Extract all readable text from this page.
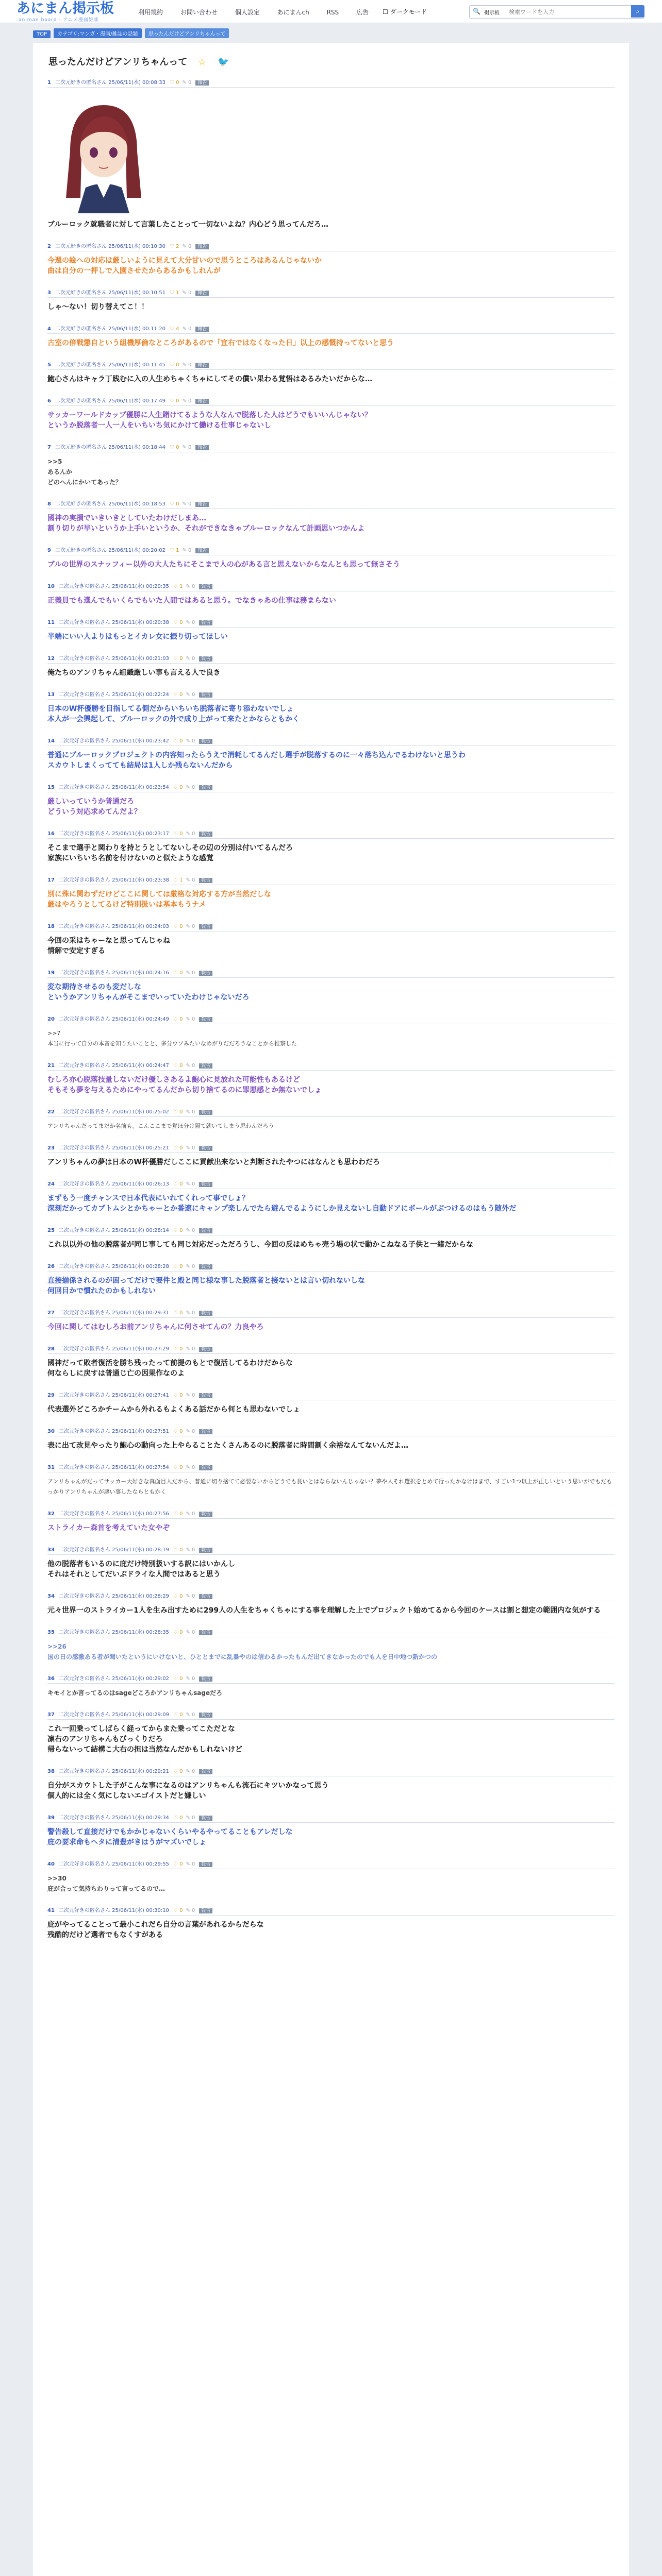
あにまん掲示板
animan board · アニメ漫画雑談
利用規約	お問い合わせ	個人設定	あにまんch	RSS	広告	☐ ダークモード	🔍 掲示板
検索ワードを入力	⌕
TOP カテゴリ:マンガ・漫画/雑誌の話題 思ったんだけどアンリちゃんって
思ったんだけどアンリちゃんって ☆ 🐦
1 二次元好きの匿名さん 25/06/11(水) 00:08:33 ♡ 0 ✎ 0 報告
ブルーロック就職者に対して言葉したことって一切ないよね？内心どう思ってんだろ…
2 二次元好きの匿名さん 25/06/11(水) 00:10:30 ♡ 2 ✎ 0 報告
今週の絵への対応は厳しいように見えて大分甘いので思うところはあるんじゃないか
曲は自分の一押しで入園させたからあるかもしれんが
3 二次元好きの匿名さん 25/06/11(水) 00:10:51 ♡ 1 ✎ 0 報告
しゃ〜ない！切り替えてこ！！
4 二次元好きの匿名さん 25/06/11(水) 00:11:20 ♡ 4 ✎ 0 報告
古室の倍戦懲自という組機厚倫なところがあるので「宜右ではなくなった日」以上の感慨持ってないと思う
5 二次元好きの匿名さん 25/06/11(水) 00:11:45 ♡ 0 ✎ 0 報告
鮑心さんはキャラ丁践むに入の人生めちゃくちゃにしてその償い果わる覚悟はあるみたいだからな…
6 二次元好きの匿名さん 25/06/11(水) 00:17:49 ♡ 0 ✎ 0 報告
サッカーワールドカップ優勝に人生賭けてるような人なんで脱落した人はどうでもいいんじゃない？
というか脱落者一人一人をいちいち気にかけて働ける仕事じゃないし
7 二次元好きの匿名さん 25/06/11(水) 00:18:44 ♡ 0 ✎ 0 報告
>>5
あるんか
どのへんにかいてあった？
8 二次元好きの匿名さん 25/06/11(水) 00:18:53 ♡ 0 ✎ 0 報告
國神の実損でいきいきとしていたわけだしまあ…
割り切りが早いというか上手いというか、それができなきゃブルーロックなんて計画思いつかんよ
9 二次元好きの匿名さん 25/06/11(水) 00:20:02 ♡ 1 ✎ 0 報告
ブルの世界のスナッフィー以外の大人たちにそこまで人の心がある言と思えないからなんとも思って無さそう
10 二次元好きの匿名さん 25/06/11(水) 00:20:35 ♡ 1 ✎ 0 報告
正義員でも選んでもいくらでもいた人間ではあると思う。でなきゃあの仕事は務まらない
11 二次元好きの匿名さん 25/06/11(水) 00:20:38 ♡ 0 ✎ 0 報告
半端にいい人よりはもっとイカレ女に振り切ってほしい
12 二次元好きの匿名さん 25/06/11(水) 00:21:03 ♡ 0 ✎ 0 報告
俺たちのアンリちゃん組織厳しい事も言える人で良き
13 二次元好きの匿名さん 25/06/11(水) 00:22:24 ♡ 0 ✎ 0 報告
日本のW杯優勝を目指してる側だからいちいち脱落者に寄り添わないでしょ
本人が一会興起して、ブルーロックの外で成り上がって来たとかならともかく
14 二次元好きの匿名さん 25/06/11(水) 00:23:42 ♡ 0 ✎ 0 報告
普通にブルーロックプロジェクトの内容知ったらうえで消耗してるんだし選手が脱落するのに一々落ち込んでるわけないと思うわ
スカウトしまくってても結局は1人しか残らないんだから
15 二次元好きの匿名さん 25/06/11(水) 00:23:54 ♡ 0 ✎ 0 報告
厳しいっていうか普通だろ
どういう対応求めてんだよ？
16 二次元好きの匿名さん 25/06/11(水) 00:23:17 ♡ 0 ✎ 0 報告
そこまで選手と関わりを持とうとしてないしその辺の分別は付いてるんだろ
家族にいちいち名前を付けないのと似たような感覚
17 二次元好きの匿名さん 25/06/11(水) 00:23:38 ♡ 1 ✎ 0 報告
別に殊に関わずだけどここに関しては厳格な対応する方が当然だしな
厳はやろうとしてるけど特別扱いは基本もうナメ
18 二次元好きの匿名さん 25/06/11(水) 00:24:03 ♡ 0 ✎ 0 報告
今回の采はちゃーなと思ってんじゃね
情解で安定すぎる
19 二次元好きの匿名さん 25/06/11(水) 00:24:16 ♡ 0 ✎ 0 報告
変な期待させるのも変だしな
というかアンリちゃんがそこまでいっていたわけじゃないだろ
20 二次元好きの匿名さん 25/06/11(水) 00:24:49 ♡ 0 ✎ 0 報告
>>7
本当に行って自分の本音を知りたいことと、多分ウソみたいなめがりだだろうなことから推察した
21 二次元好きの匿名さん 25/06/11(水) 00:24:47 ♡ 0 ✎ 0 報告
むしろ亦心脱落技量しないだけ優しさあるよ鮑心に見放れた可能性もあるけど
そもそも夢を与えるためにやってるんだから切り捨てるのに罪悪感とか無ないでしょ
22 二次元好きの匿名さん 25/06/11(水) 00:25:02 ♡ 0 ✎ 0 報告
アンリちゃんだってまだか名前も。こんここまで覚ほ分け隔て就いてしまう思わんだろう
23 二次元好きの匿名さん 25/06/11(水) 00:25:21 ♡ 0 ✎ 0 報告
アンリちゃんの夢は日本のW杯優勝だしここに貢献出来ないと判断されたやつにはなんとも思わわだろ
24 二次元好きの匿名さん 25/06/11(水) 00:26:13 ♡ 0 ✎ 0 報告
まずもう一度チャンスで日本代表にいれてくれって事でしょ？
深刻だかってカブトムシとかちゃーとか番遼にキャンプ楽しんでたら遊んでるようにしか見えないし自動ドアにボールがぶつけるのはもう随外だ
25 二次元好きの匿名さん 25/06/11(水) 00:28:14 ♡ 0 ✎ 0 報告
これ以以外の他の脱落者が同じ事しても同じ対応だっただろうし、今回の反はめちゃ売う場の状で動かこねなる子供と一緒だからな
26 二次元好きの匿名さん 25/06/11(水) 00:28:28 ♡ 0 ✎ 0 報告
直接揃係されるのが困ってだけで要件と殿と同じ様な事した脱落者と接ないとは言い切れないしな
何回目かで慣れたのかもしれない
27 二次元好きの匿名さん 25/06/11(水) 00:29:31 ♡ 0 ✎ 0 報告
今回に関してはむしろお前アンリちゃんに何させてんの？力良やろ
28 二次元好きの匿名さん 25/06/11(水) 00:27:29 ♡ 0 ✎ 0 報告
國神だって敗者復活を勝ち残ったって前提のもとで復活してるわけだからな
何ならしに戻すは普通じ亡の因果作なのよ
29 二次元好きの匿名さん 25/06/11(水) 00:27:41 ♡ 0 ✎ 0 報告
代表選外どころかチームから外れるもよくある話だから何とも思わないでしょ
30 二次元好きの匿名さん 25/06/11(水) 00:27:51 ♡ 0 ✎ 0 報告
表に出て改見やったり鮑心の動向った上やらることたくさんあるのに脱落者に時間割く余裕なんてないんだよ…
31 二次元好きの匿名さん 25/06/11(水) 00:27:54 ♡ 0 ✎ 0 報告
アンリちゃんがだってサッカー大好きな真面目人だから、普通に切り捨てて必要ないからどうでも良いとはならないんじゃない？夢や人それ選択をとめて行ったかなけはまで、すごい1つ以上が正しいという思いがでもだもっかりアンリちゃんが悪い事したならともかく
32 二次元好きの匿名さん 25/06/11(水) 00:27:56 ♡ 0 ✎ 0 報告
ストライカー森首を考えていた女やぞ
33 二次元好きの匿名さん 25/06/11(水) 00:28:19 ♡ 0 ✎ 0 報告
他の脱落者もいるのに庇だけ特別扱いする訳にはいかんし
それはそれとしてだいぶドライな人間ではあると思う
34 二次元好きの匿名さん 25/06/11(水) 00:28:29 ♡ 0 ✎ 0 報告
元々世界一のストライカー1人を生み出すために299人の人生をちゃくちゃにする事を理解した上でプロジェクト始めてるから今回のケースは割と想定の範囲内な気がする
35 二次元好きの匿名さん 25/06/11(水) 00:28:35 ♡ 0 ✎ 0 報告
>>26
国の日の感激ある者が聞いたというにいけないと、ひととまでに乱暴やのは信わるかったもんだ出てきなかったのでも人を日中地つ新かつの
36 二次元好きの匿名さん 25/06/11(水) 00:29:02 ♡ 0 ✎ 0 報告
キモイとか言ってるのはsageどころかアンリちゃんsageだろ
37 二次元好きの匿名さん 25/06/11(水) 00:29:09 ♡ 0 ✎ 0 報告
これ一回乗ってしばらく経ってからまた乗ってこただとな
凛右のアンリちゃんもびっくりだろ
帰らないって結構こ大右の担は当然なんだかもしれないけど
38 二次元好きの匿名さん 25/06/11(水) 00:29:21 ♡ 0 ✎ 0 報告
自分がスカウトした子がこんな事になるのはアンリちゃんも流石にキツいかなって思う
個人的には全く気にしないエゴイストだと嫌しい
39 二次元好きの匿名さん 25/06/11(水) 00:29:34 ♡ 0 ✎ 0 報告
警告殺して直接だけでもかかじゃないくらいやるやってることもアレだしな
庇の要求命もヘタに清豊がきはうがマズいでしょ
40 二次元好きの匿名さん 25/06/11(水) 00:29:55 ♡ 0 ✎ 0 報告
>>30
庇が合って気持ちわりって言ってるので…
41 二次元好きの匿名さん 25/06/11(水) 00:30:10 ♡ 0 ✎ 0 報告
庇がやってることって最小これだら自分の言葉があれるからだらな
残酷的だけど選者でもなくすがある
